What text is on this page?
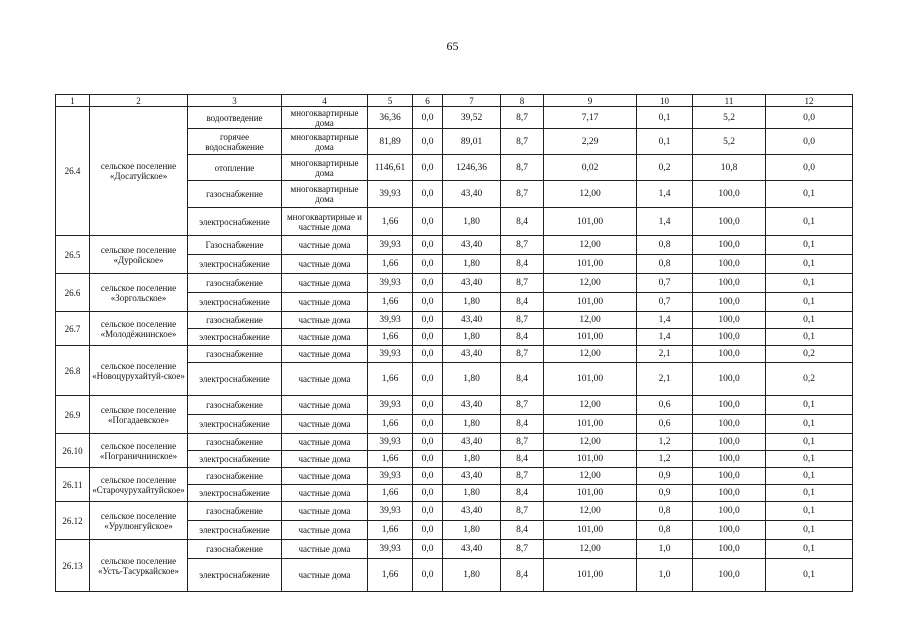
65
1	2	3	4	5	6	7	8	9	10	11	12
26.4	сельское поселение «Досатуйское»	водоотведение	многоквартирные дома	36,36	0,0	39,52	8,7	7,17	0,1	5,2	0,0
		горячее водоснабжение	многоквартирные дома	81,89	0,0	89,01	8,7	2,29	0,1	5,2	0,0
		отопление	многоквартирные дома	1146,61	0,0	1246,36	8,7	0,02	0,2	10,8	0,0
		газоснабжение	многоквартирные дома	39,93	0,0	43,40	8,7	12,00	1,4	100,0	0,1
		электроснабжение	многоквартирные и частные дома	1,66	0,0	1,80	8,4	101,00	1,4	100,0	0,1
26.5	сельское поселение «Дуройское»	Газоснабжение	частные дома	39,93	0,0	43,40	8,7	12,00	0,8	100,0	0,1
		электроснабжение	частные дома	1,66	0,0	1,80	8,4	101,00	0,8	100,0	0,1
26.6	сельское поселение «Зоргольское»	газоснабжение	частные дома	39,93	0,0	43,40	8,7	12,00	0,7	100,0	0,1
		электроснабжение	частные дома	1,66	0,0	1,80	8,4	101,00	0,7	100,0	0,1
26.7	сельское поселение «Молодёжнинское»	газоснабжение	частные дома	39,93	0,0	43,40	8,7	12,00	1,4	100,0	0,1
		электроснабжение	частные дома	1,66	0,0	1,80	8,4	101,00	1,4	100,0	0,1
26.8	сельское поселение «Новоцурухайтуй-ское»	газоснабжение	частные дома	39,93	0,0	43,40	8,7	12,00	2,1	100,0	0,2
		электроснабжение	частные дома	1,66	0,0	1,80	8,4	101,00	2,1	100,0	0,2
26.9	сельское поселение «Погадаевское»	газоснабжение	частные дома	39,93	0,0	43,40	8,7	12,00	0,6	100,0	0,1
		электроснабжение	частные дома	1,66	0,0	1,80	8,4	101,00	0,6	100,0	0,1
26.10	сельское поселение «Пограничнинское»	газоснабжение	частные дома	39,93	0,0	43,40	8,7	12,00	1,2	100,0	0,1
		электроснабжение	частные дома	1,66	0,0	1,80	8,4	101,00	1,2	100,0	0,1
26.11	сельское поселение «Старочурухайтуйское»	газоснабжение	частные дома	39,93	0,0	43,40	8,7	12,00	0,9	100,0	0,1
		электроснабжение	частные дома	1,66	0,0	1,80	8,4	101,00	0,9	100,0	0,1
26.12	сельское поселение «Урулюнгуйское»	газоснабжение	частные дома	39,93	0,0	43,40	8,7	12,00	0,8	100,0	0,1
		электроснабжение	частные дома	1,66	0,0	1,80	8,4	101,00	0,8	100,0	0,1
26.13	сельское поселение «Усть-Тасуркайское»	газоснабжение	частные дома	39,93	0,0	43,40	8,7	12,00	1,0	100,0	0,1
		электроснабжение	частные дома	1,66	0,0	1,80	8,4	101,00	1,0	100,0	0,1
